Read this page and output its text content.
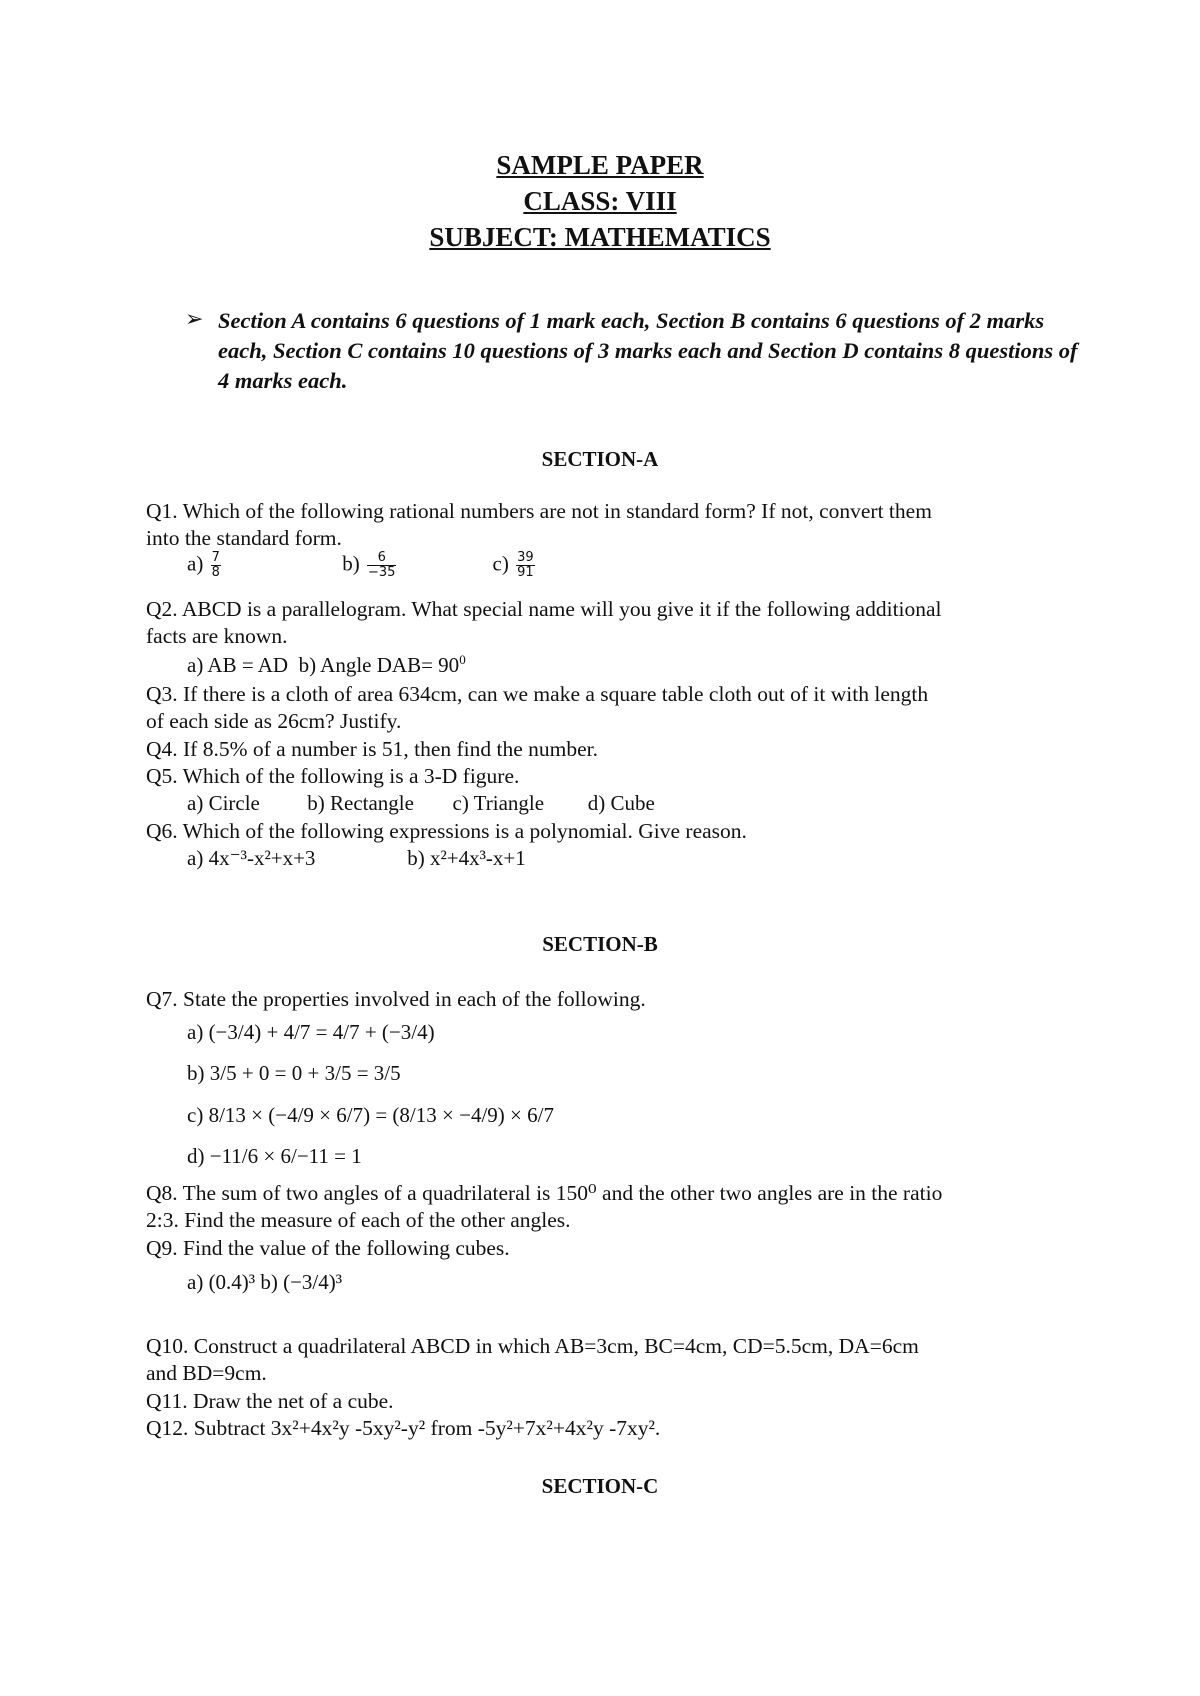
SAMPLE PAPER
CLASS: VIII
SUBJECT: MATHEMATICS
➢ Section A contains 6 questions of 1 mark each, Section B contains 6 questions of 2 marks each, Section C contains 10 questions of 3 marks each and Section D contains 8 questions of 4 marks each.
SECTION-A
Q1. Which of the following rational numbers are not in standard form? If not, convert them
into the standard form.
$a) \frac{7}{8}$	$b) \frac{6}{-35}$	$c) \frac{39}{91}$
Q2. ABCD is a parallelogram. What special name will you give it if the following additional
facts are known.
a) AB = AD b) Angle $DAB= 90^0$
Q3. If there is a cloth of area 634cm, can we make a square table cloth out of it with length
of each side as 26cm? Justify.
Q4. If 8.5% of a number is 51, then find the number.
Q5. Which of the following is a 3-D figure.
a) Circle b) Rectangle c) Triangle d) Cube
Q6. Which of the following expressions is a polynomial. Give reason.
a) 4x⁻³-x²+x+3	b) x²+4x³-x+1
SECTION-B
Q7. State the properties involved in each of the following.
a) (−3/4) + 4/7 = 4/7 + (−3/4)
b) 3/5 + 0 = 0 + 3/5 = 3/5
c) 8/13 × (−4/9 × 6/7) = (8/13 × −4/9) × 6/7
d) −11/6 × 6/−11 = 1
Q8. The sum of two angles of a quadrilateral is 150⁰ and the other two angles are in the ratio
2:3. Find the measure of each of the other angles.
Q9. Find the value of the following cubes.
a) (0.4)³ b) (−3/4)³
Q10. Construct a quadrilateral ABCD in which AB=3cm, BC=4cm, CD=5.5cm, DA=6cm
and BD=9cm.
Q11. Draw the net of a cube.
Q12. Subtract 3x²+4x²y -5xy²-y² from -5y²+7x²+4x²y -7xy².
SECTION-C
